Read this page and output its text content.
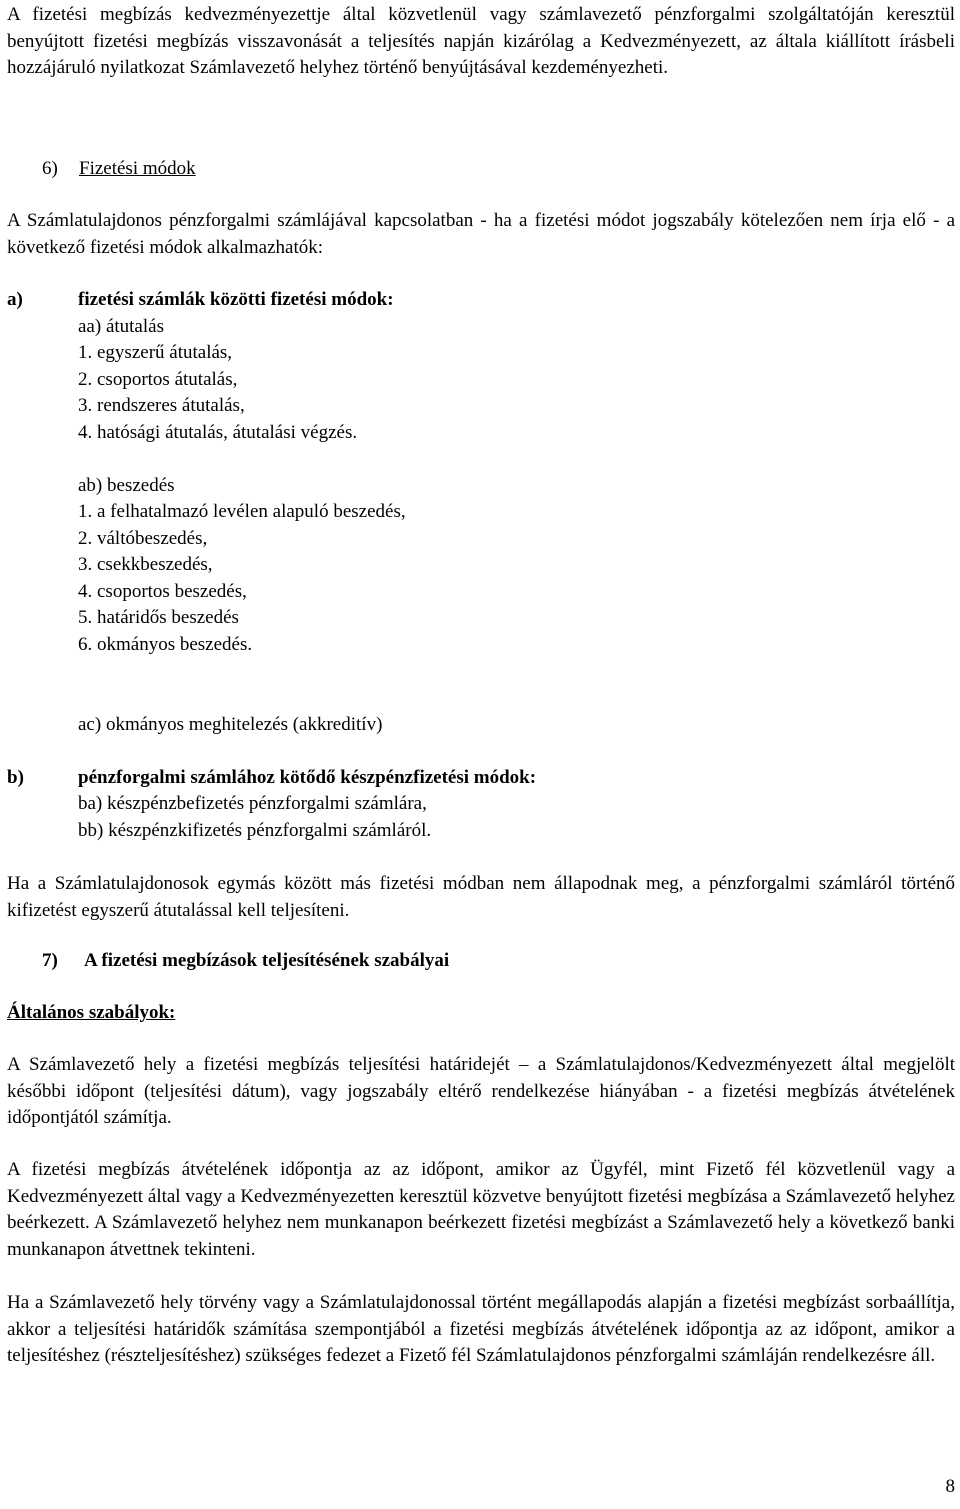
A fizetési megbízás kedvezményezettje által közvetlenül vagy számlavezető pénzforgalmi szolgáltatóján keresztül benyújtott fizetési megbízás visszavonását a teljesítés napján kizárólag a Kedvezményezett, az általa kiállított írásbeli hozzájáruló nyilatkozat Számlavezető helyhez történő benyújtásával kezdeményezheti.
6) Fizetési módok
A Számlatulajdonos pénzforgalmi számlájával kapcsolatban - ha a fizetési módot jogszabály kötelezően nem írja elő - a következő fizetési módok alkalmazhatók:
a)	fizetési számlák közötti fizetési módok:
aa) átutalás
1. egyszerű átutalás,
2. csoportos átutalás,
3. rendszeres átutalás,
4. hatósági átutalás, átutalási végzés.
ab) beszedés
1. a felhatalmazó levélen alapuló beszedés,
2. váltóbeszedés,
3. csekkbeszedés,
4. csoportos beszedés,
5. határidős beszedés
6. okmányos beszedés.
ac) okmányos meghitelezés (akkreditív)
b)	pénzforgalmi számlához kötődő készpénzfizetési módok:
ba) készpénzbefizetés pénzforgalmi számlára,
bb) készpénzkifizetés pénzforgalmi számláról.
Ha a Számlatulajdonosok egymás között más fizetési módban nem állapodnak meg, a pénzforgalmi számláról történő kifizetést egyszerű átutalással kell teljesíteni.
7) A fizetési megbízások teljesítésének szabályai
Általános szabályok:
A Számlavezető hely a fizetési megbízás teljesítési határidejét – a Számlatulajdonos/Kedvezményezett által megjelölt későbbi időpont (teljesítési dátum), vagy jogszabály eltérő rendelkezése hiányában - a fizetési megbízás átvételének időpontjától számítja.
A fizetési megbízás átvételének időpontja az az időpont, amikor az Ügyfél, mint Fizető fél közvetlenül vagy a Kedvezményezett által vagy a Kedvezményezetten keresztül közvetve benyújtott fizetési megbízása a Számlavezető helyhez beérkezett. A Számlavezető helyhez nem munkanapon beérkezett fizetési megbízást a Számlavezető hely a következő banki munkanapon átvettnek tekinteni.
Ha a Számlavezető hely törvény vagy a Számlatulajdonossal történt megállapodás alapján a fizetési megbízást sorbaállítja, akkor a teljesítési határidők számítása szempontjából a fizetési megbízás átvételének időpontja az az időpont, amikor a teljesítéshez (részteljesítéshez) szükséges fedezet a Fizető fél Számlatulajdonos pénzforgalmi számláján rendelkezésre áll.
8
